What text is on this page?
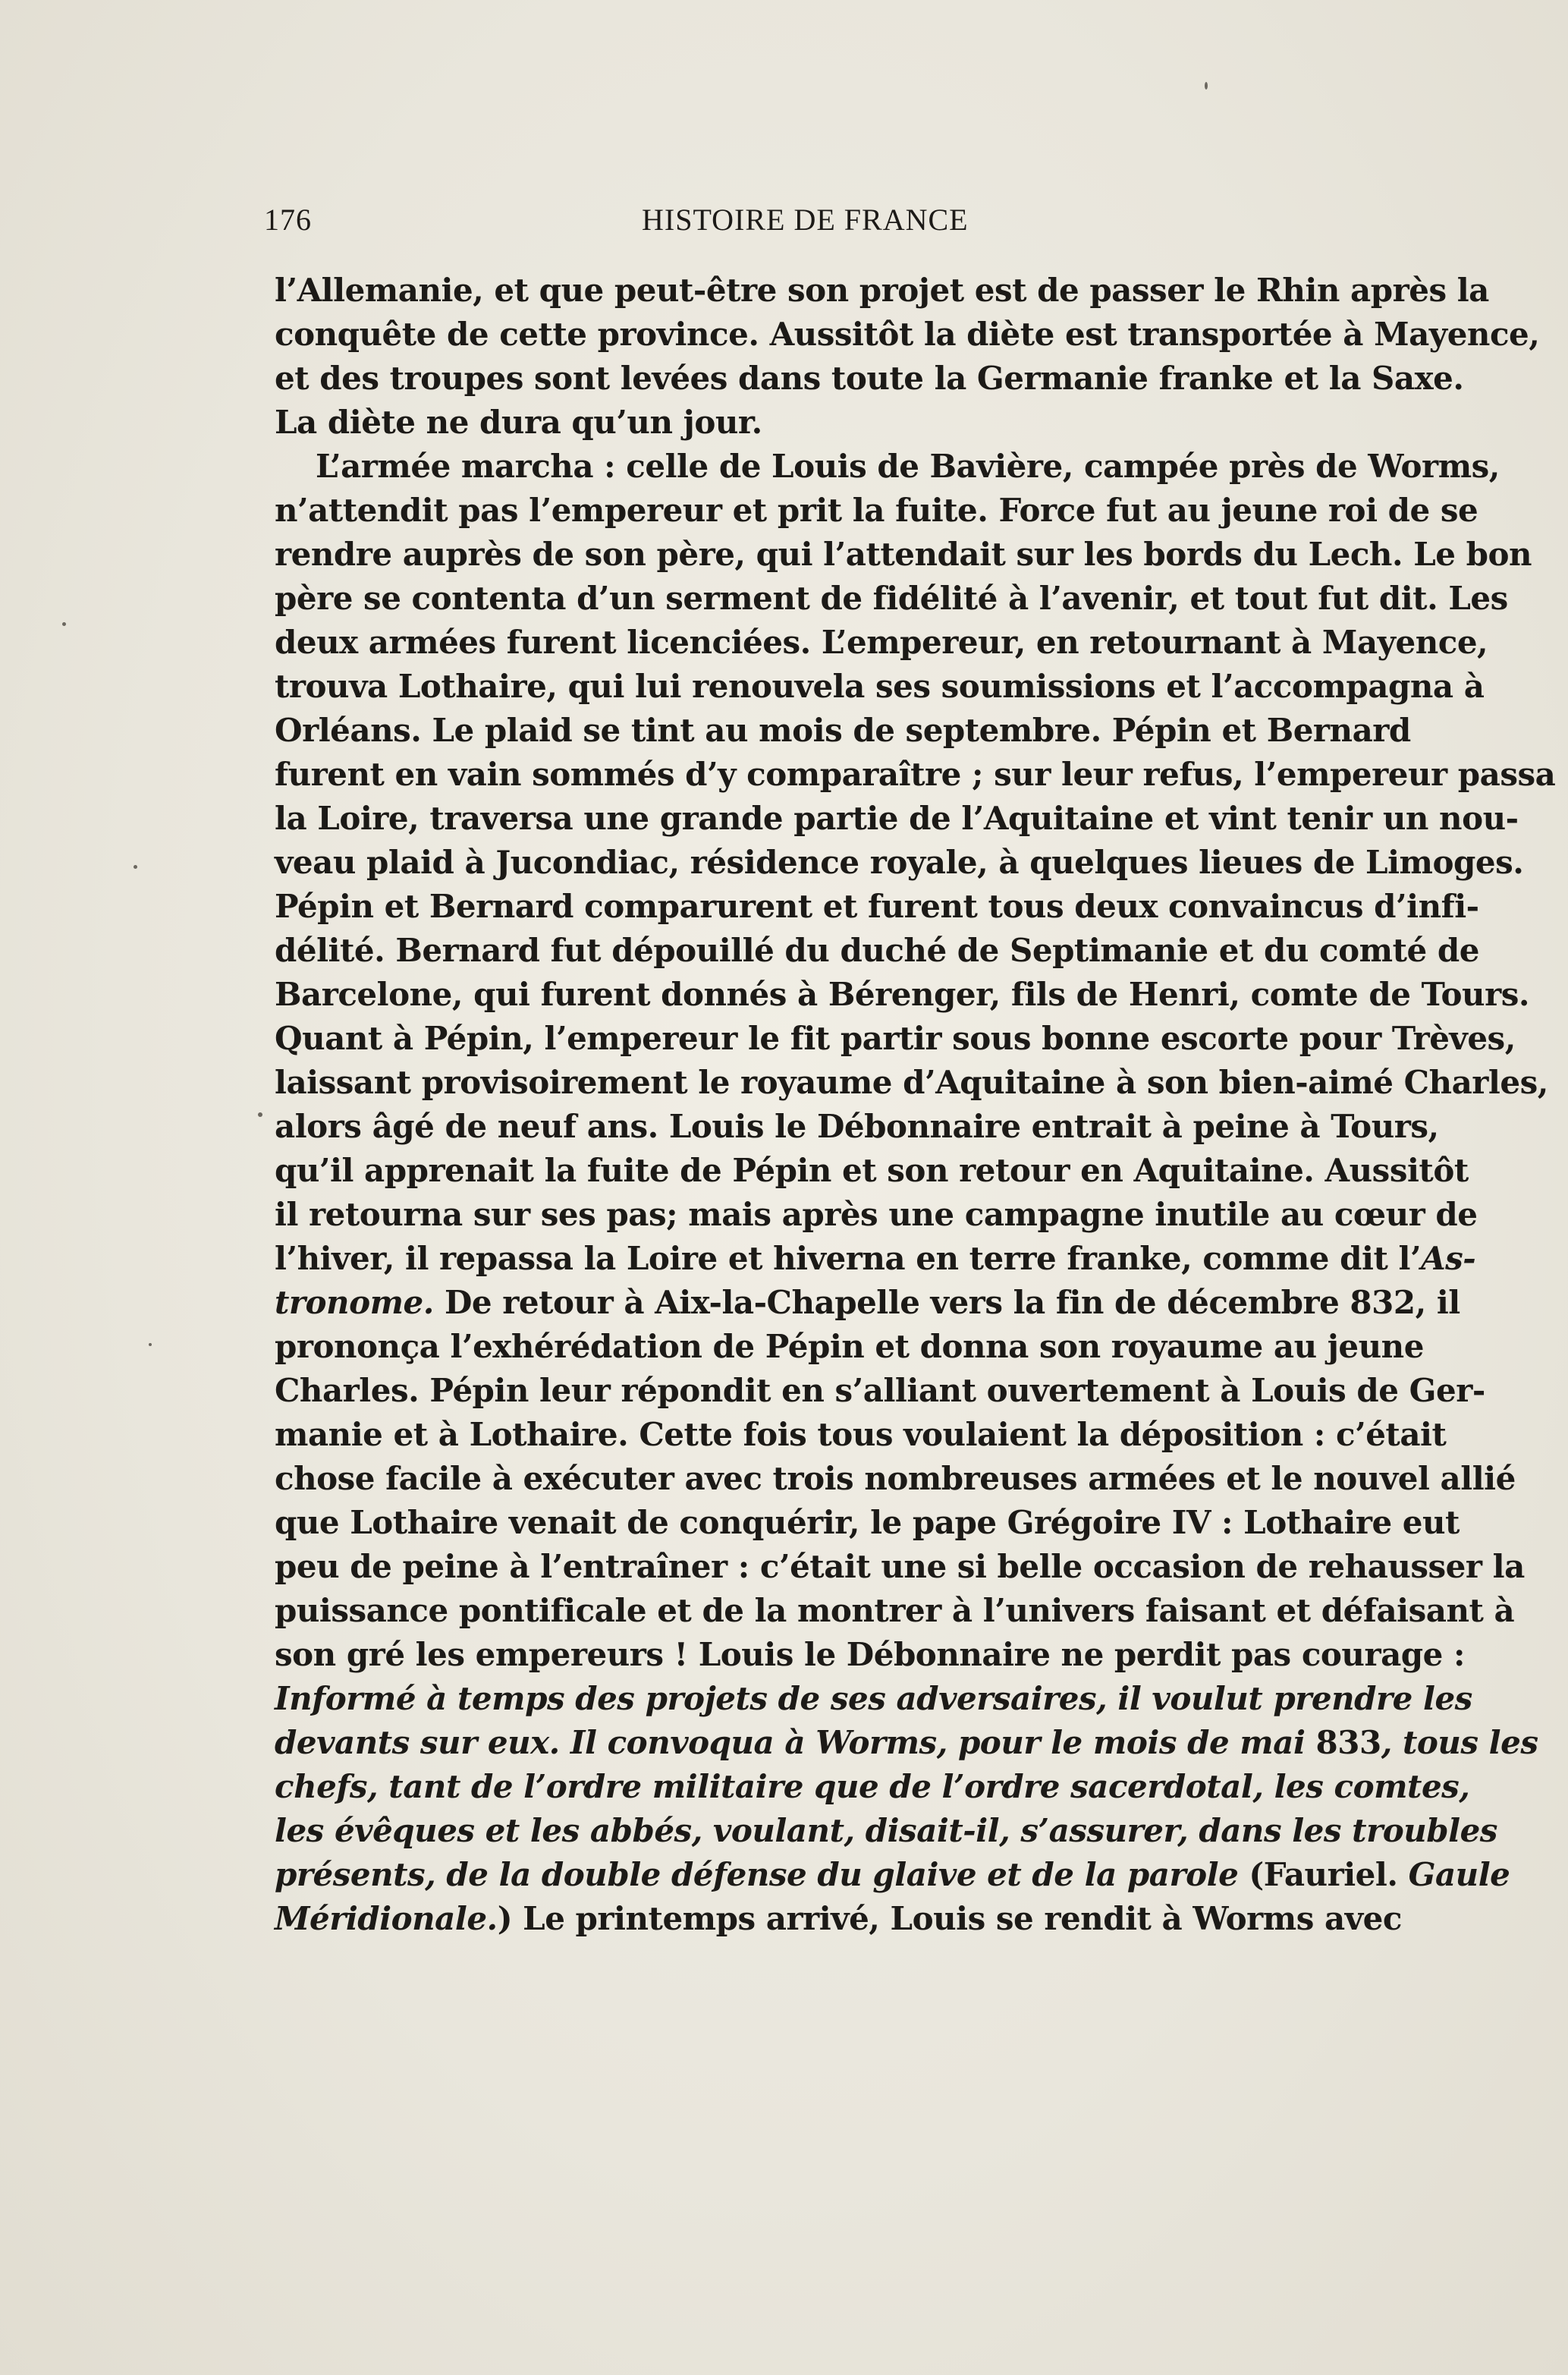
176	HISTOIRE DE FRANCE
l’Allemanie, et que peut-être son projet est de passer le Rhin après la
conquête de cette province. Aussitôt la diète est transportée à Mayence,
et des troupes sont levées dans toute la Germanie franke et la Saxe.
La diète ne dura qu’un jour.
L’armée marcha : celle de Louis de Bavière, campée près de Worms,
n’attendit pas l’empereur et prit la fuite. Force fut au jeune roi de se
rendre auprès de son père, qui l’attendait sur les bords du Lech. Le bon
père se contenta d’un serment de fidélité à l’avenir, et tout fut dit. Les
deux armées furent licenciées. L’empereur, en retournant à Mayence,
trouva Lothaire, qui lui renouvela ses soumissions et l’accompagna à
Orléans. Le plaid se tint au mois de septembre. Pépin et Bernard
furent en vain sommés d’y comparaître ; sur leur refus, l’empereur passa
la Loire, traversa une grande partie de l’Aquitaine et vint tenir un nou-
veau plaid à Jucondiac, résidence royale, à quelques lieues de Limoges.
Pépin et Bernard comparurent et furent tous deux convaincus d’infi-
délité. Bernard fut dépouillé du duché de Septimanie et du comté de
Barcelone, qui furent donnés à Bérenger, fils de Henri, comte de Tours.
Quant à Pépin, l’empereur le fit partir sous bonne escorte pour Trèves,
laissant provisoirement le royaume d’Aquitaine à son bien-aimé Charles,
alors âgé de neuf ans. Louis le Débonnaire entrait à peine à Tours,
qu’il apprenait la fuite de Pépin et son retour en Aquitaine. Aussitôt
il retourna sur ses pas; mais après une campagne inutile au cœur de
l’hiver, il repassa la Loire et hiverna en terre franke, comme dit l’As-
tronome. De retour à Aix-la-Chapelle vers la fin de décembre 832, il
prononça l’exhérédation de Pépin et donna son royaume au jeune
Charles. Pépin leur répondit en s’alliant ouvertement à Louis de Ger-
manie et à Lothaire. Cette fois tous voulaient la déposition : c’était
chose facile à exécuter avec trois nombreuses armées et le nouvel allié
que Lothaire venait de conquérir, le pape Grégoire IV : Lothaire eut
peu de peine à l’entraîner : c’était une si belle occasion de rehausser la
puissance pontificale et de la montrer à l’univers faisant et défaisant à
son gré les empereurs ! Louis le Débonnaire ne perdit pas courage :
Informé à temps des projets de ses adversaires, il voulut prendre les
devants sur eux. Il convoqua à Worms, pour le mois de mai 833, tous les
chefs, tant de l’ordre militaire que de l’ordre sacerdotal, les comtes,
les évêques et les abbés, voulant, disait-il, s’assurer, dans les troubles
présents, de la double défense du glaive et de la parole (Fauriel. Gaule
Méridionale.) Le printemps arrivé, Louis se rendit à Worms avec
